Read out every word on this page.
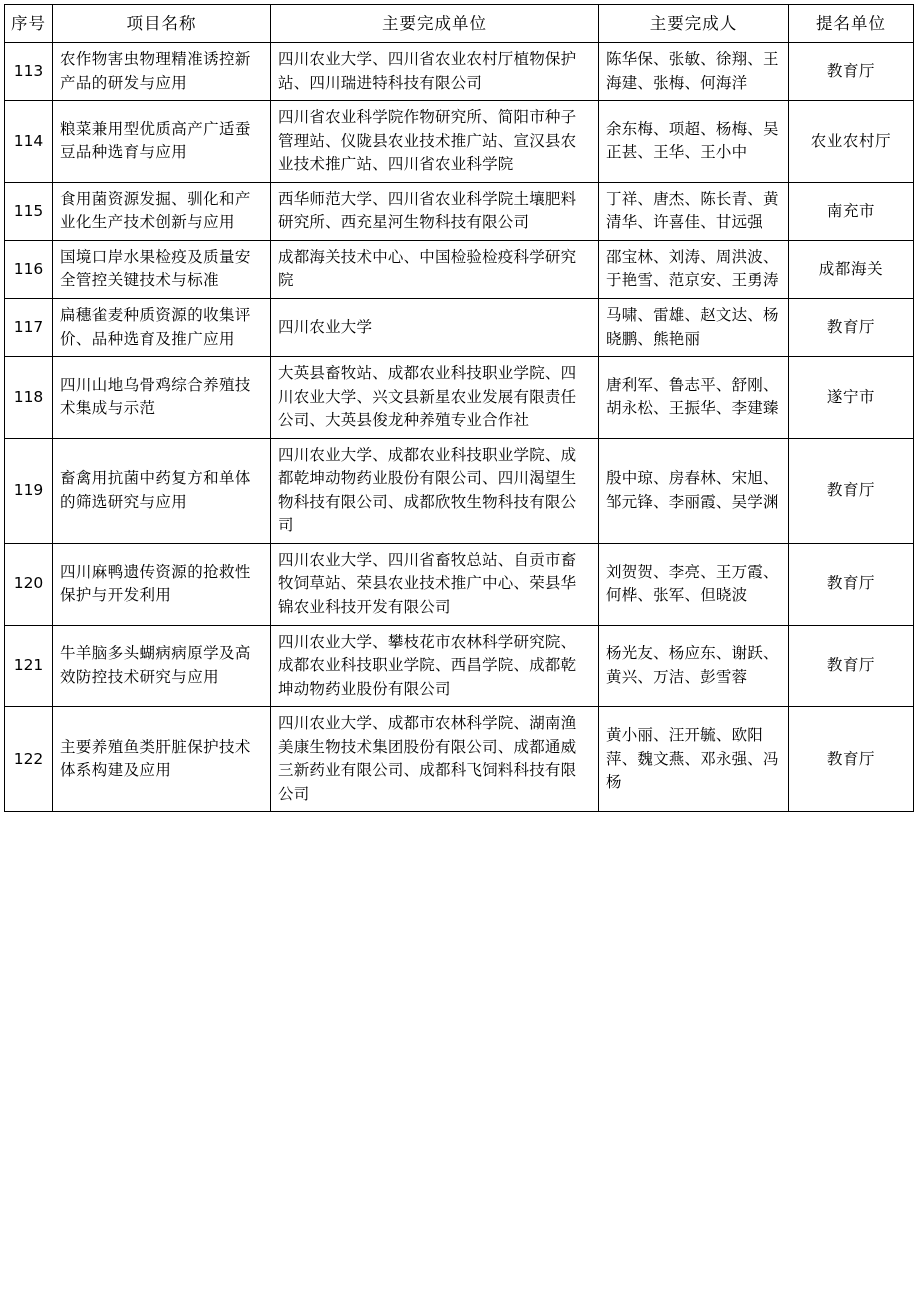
序号	项目名称	主要完成单位	主要完成人	提名单位
113	农作物害虫物理精准诱控新产品的研发与应用	四川农业大学、四川省农业农村厅植物保护站、四川瑞进特科技有限公司	陈华保、张敏、徐翔、王海建、张梅、何海洋	教育厅
114	粮菜兼用型优质高产广适蚕豆品种选育与应用	四川省农业科学院作物研究所、简阳市种子管理站、仪陇县农业技术推广站、宣汉县农业技术推广站、四川省农业科学院	余东梅、项超、杨梅、吴正甚、王华、王小中	农业农村厅
115	食用菌资源发掘、驯化和产业化生产技术创新与应用	西华师范大学、四川省农业科学院土壤肥料研究所、西充星河生物科技有限公司	丁祥、唐杰、陈长青、黄清华、许喜佳、甘远强	南充市
116	国境口岸水果检疫及质量安全管控关键技术与标准	成都海关技术中心、中国检验检疫科学研究院	邵宝林、刘涛、周洪波、于艳雪、范京安、王勇涛	成都海关
117	扁穗雀麦种质资源的收集评价、品种选育及推广应用	四川农业大学	马啸、雷雄、赵文达、杨晓鹏、熊艳丽	教育厅
118	四川山地乌骨鸡综合养殖技术集成与示范	大英县畜牧站、成都农业科技职业学院、四川农业大学、兴文县新星农业发展有限责任公司、大英县俊龙种养殖专业合作社	唐利军、鲁志平、舒刚、胡永松、王振华、李建臻	遂宁市
119	畜禽用抗菌中药复方和单体的筛选研究与应用	四川农业大学、成都农业科技职业学院、成都乾坤动物药业股份有限公司、四川渴望生物科技有限公司、成都欣牧生物科技有限公司	殷中琼、房春林、宋旭、邹元锋、李丽霞、吴学渊	教育厅
120	四川麻鸭遗传资源的抢救性保护与开发利用	四川农业大学、四川省畜牧总站、自贡市畜牧饲草站、荣县农业技术推广中心、荣县华锦农业科技开发有限公司	刘贺贺、李亮、王万霞、何桦、张军、但晓波	教育厅
121	牛羊脑多头蝴病病原学及高效防控技术研究与应用	四川农业大学、攀枝花市农林科学研究院、成都农业科技职业学院、西昌学院、成都乾坤动物药业股份有限公司	杨光友、杨应东、谢跃、黄兴、万洁、彭雪蓉	教育厅
122	主要养殖鱼类肝脏保护技术体系构建及应用	四川农业大学、成都市农林科学院、湖南渔美康生物技术集团股份有限公司、成都通威三新药业有限公司、成都科飞饲料科技有限公司	黄小丽、汪开毓、欧阳萍、魏文燕、邓永强、冯杨	教育厅
